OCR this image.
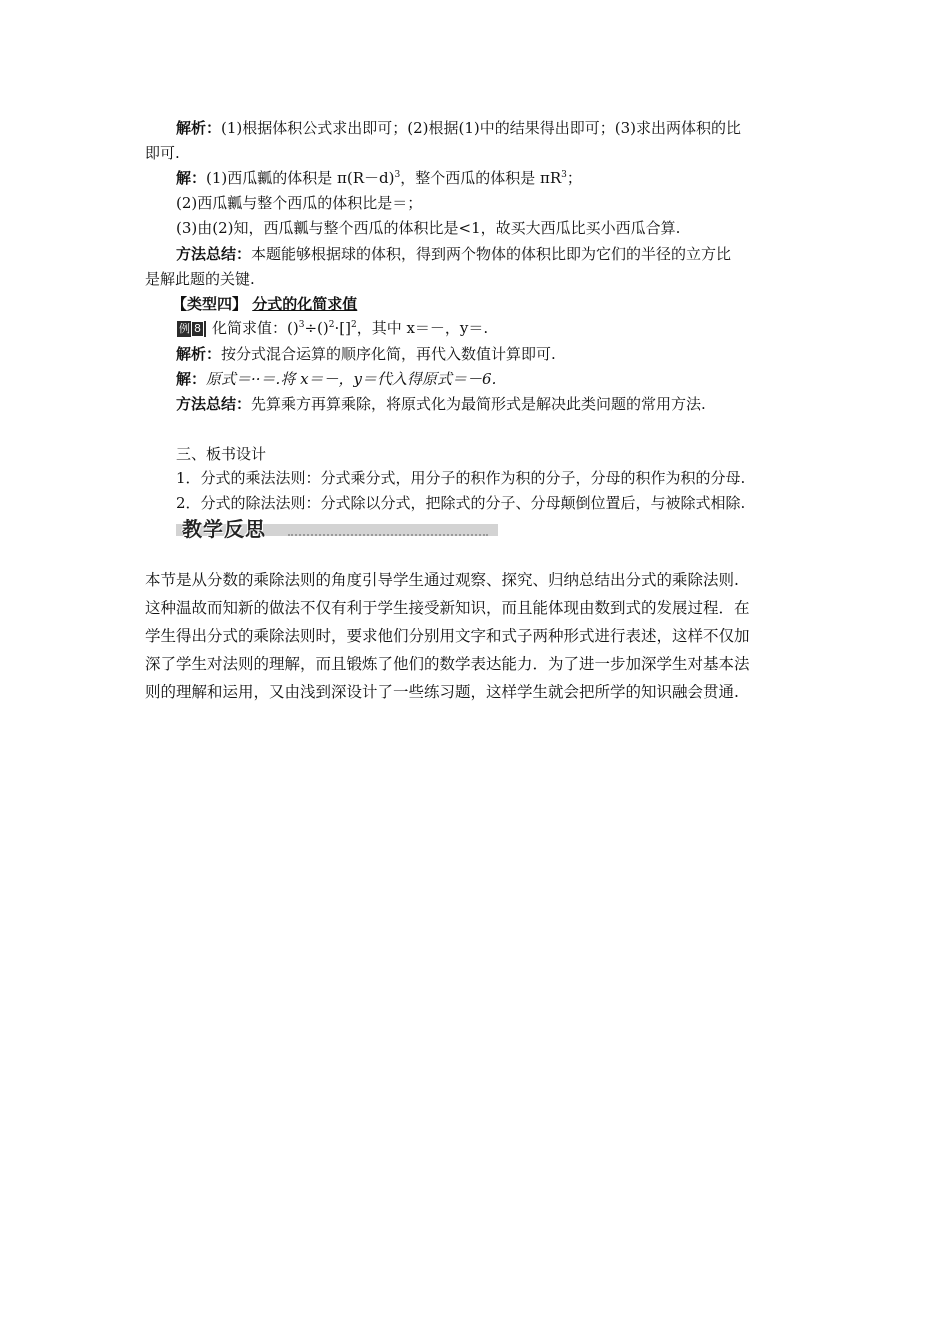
解析：(1)根据体积公式求出即可；(2)根据(1)中的结果得出即可；(3)求出两体积的比
即可.
解：(1)西瓜瓤的体积是 $\pi(R-d)^3$，整个西瓜的体积是 $\pi R^3$；
(2)西瓜瓤与整个西瓜的体积比是＝；
(3)由(2)知，西瓜瓤与整个西瓜的体积比是<1，故买大西瓜比买小西瓜合算.
方法总结：本题能够根据球的体积，得到两个物体的体积比即为它们的半径的立方比
是解此题的关键.
【类型四】 分式的化简求值
例 8 化简求值：()$^3$÷()$^2$·[]$^2$，其中 x＝－，y＝.
解析：按分式混合运算的顺序化简，再代入数值计算即可.
解：原式＝··＝.将 x＝－，y＝代入得原式＝－6.
方法总结：先算乘方再算乘除，将原式化为最简形式是解决此类问题的常用方法.
三、板书设计
1．分式的乘法法则：分式乘分式，用分子的积作为积的分子，分母的积作为积的分母.
2．分式的除法法则：分式除以分式，把除式的分子、分母颠倒位置后，与被除式相除.
教学反思
本节是从分数的乘除法则的角度引导学生通过观察、探究、归纳总结出分式的乘除法则.
这种温故而知新的做法不仅有利于学生接受新知识，而且能体现由数到式的发展过程．在
学生得出分式的乘除法则时，要求他们分别用文字和式子两种形式进行表述，这样不仅加
深了学生对法则的理解，而且锻炼了他们的数学表达能力．为了进一步加深学生对基本法
则的理解和运用，又由浅到深设计了一些练习题，这样学生就会把所学的知识融会贯通.
